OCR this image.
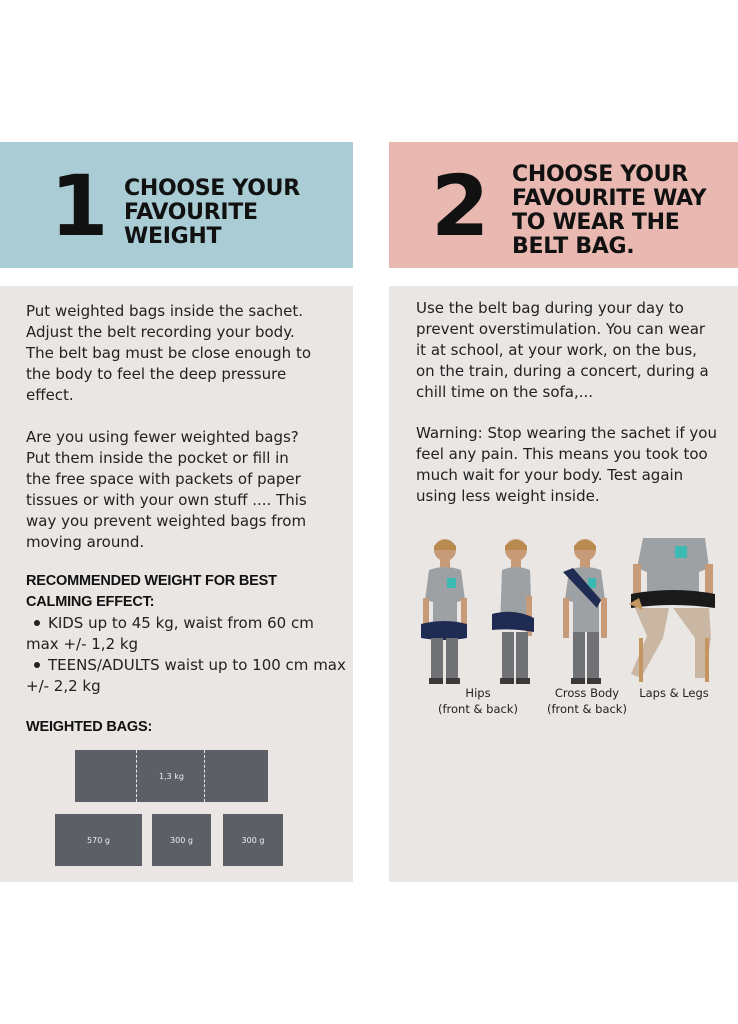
1 CHOOSE YOUR FAVOURITE WEIGHT	2 CHOOSE YOUR FAVOURITE WAY TO WEAR THE BELT BAG.
Put weighted bags inside the sachet.
Adjust the belt recording your body.
The belt bag must be close enough to
the body to feel the deep pressure
effect.
Are you using fewer weighted bags?
Put them inside the pocket or fill in
the free space with packets of paper
tissues or with your own stuff .... This
way you prevent weighted bags from
moving around.
RECOMMENDED WEIGHT FOR BEST CALMING EFFECT:
KIDS up to 45 kg, waist from 60 cm max +/- 1,2 kg
TEENS/ADULTS waist up to 100 cm max +/- 2,2 kg
WEIGHTED BAGS:
1,3 kg
570 g	300 g	300 g
Use the belt bag during your day to
prevent overstimulation. You can wear
it at school, at your work, on the bus,
on the train, during a concert, during a
chill time on the sofa,...
Warning: Stop wearing the sachet if you
feel any pain. This means you took too
much wait for your body. Test again
using less weight inside.
Hips
(front & back)
Cross Body
(front & back)
Laps & Legs
